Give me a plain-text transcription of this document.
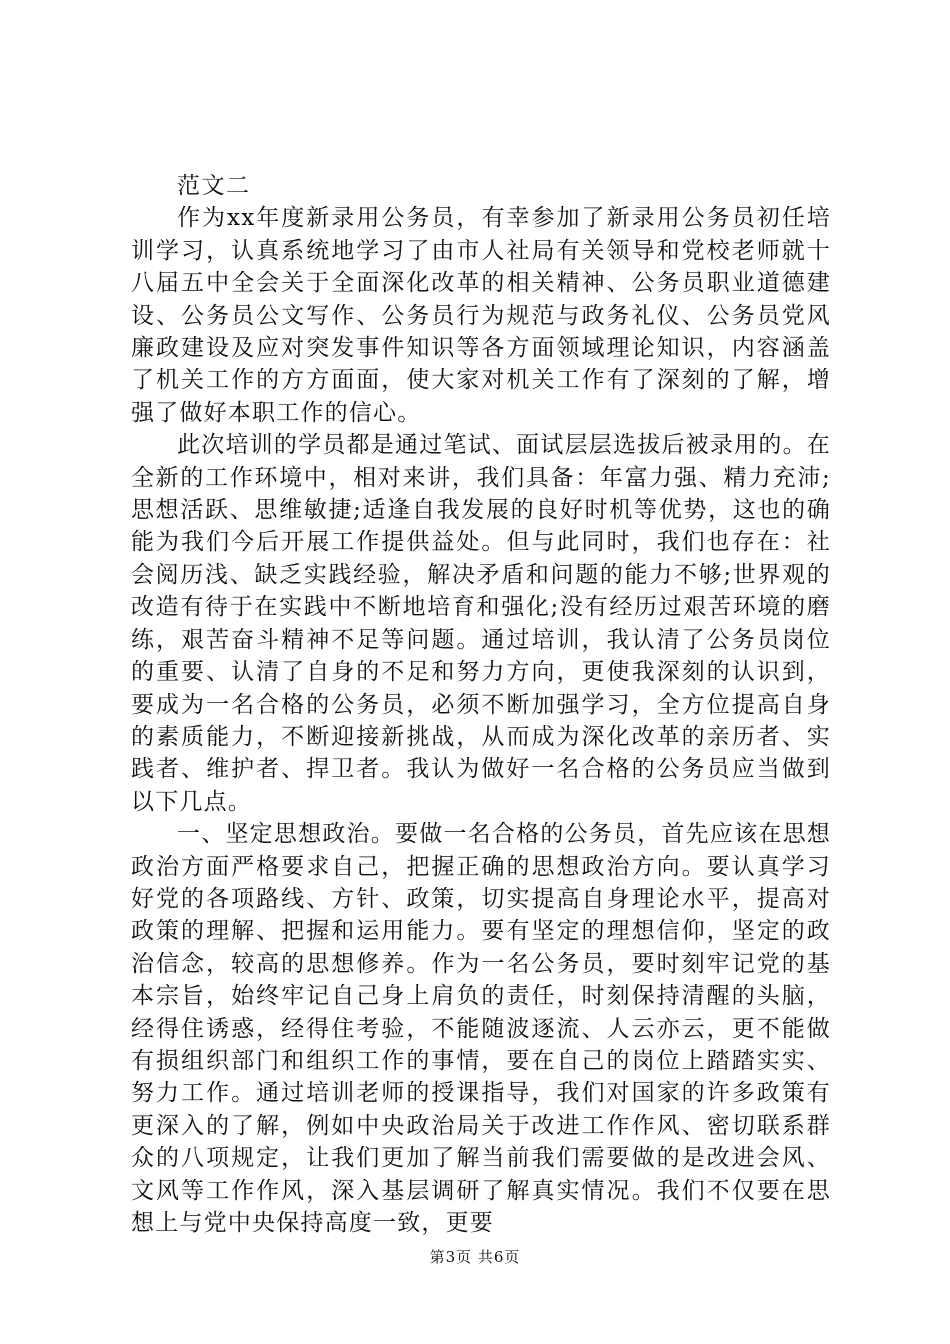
范文二

作为xx年度新录用公务员，有幸参加了新录用公务员初任培训学习，认真系统地学习了由市人社局有关领导和党校老师就十八届五中全会关于全面深化改革的相关精神、公务员职业道德建设、公务员公文写作、公务员行为规范与政务礼仪、公务员党风廉政建设及应对突发事件知识等各方面领域理论知识，内容涵盖了机关工作的方方面面，使大家对机关工作有了深刻的了解，增强了做好本职工作的信心。

此次培训的学员都是通过笔试、面试层层选拔后被录用的。在全新的工作环境中，相对来讲，我们具备：年富力强、精力充沛;思想活跃、思维敏捷;适逢自我发展的良好时机等优势，这也的确能为我们今后开展工作提供益处。但与此同时，我们也存在：社会阅历浅、缺乏实践经验，解决矛盾和问题的能力不够;世界观的改造有待于在实践中不断地培育和强化;没有经历过艰苦环境的磨练，艰苦奋斗精神不足等问题。通过培训，我认清了公务员岗位的重要、认清了自身的不足和努力方向，更使我深刻的认识到，要成为一名合格的公务员，必须不断加强学习，全方位提高自身的素质能力，不断迎接新挑战，从而成为深化改革的亲历者、实践者、维护者、捍卫者。我认为做好一名合格的公务员应当做到以下几点。

一、坚定思想政治。要做一名合格的公务员，首先应该在思想政治方面严格要求自己，把握正确的思想政治方向。要认真学习好党的各项路线、方针、政策，切实提高自身理论水平，提高对政策的理解、把握和运用能力。要有坚定的理想信仰，坚定的政治信念，较高的思想修养。作为一名公务员，要时刻牢记党的基本宗旨，始终牢记自己身上肩负的责任，时刻保持清醒的头脑，经得住诱惑，经得住考验，不能随波逐流、人云亦云，更不能做有损组织部门和组织工作的事情，要在自己的岗位上踏踏实实、努力工作。通过培训老师的授课指导，我们对国家的许多政策有更深入的了解，例如中央政治局关于改进工作作风、密切联系群众的八项规定，让我们更加了解当前我们需要做的是改进会风、文风等工作作风，深入基层调研了解真实情况。我们不仅要在思想上与党中央保持高度一致，更要

第3页 共6页
